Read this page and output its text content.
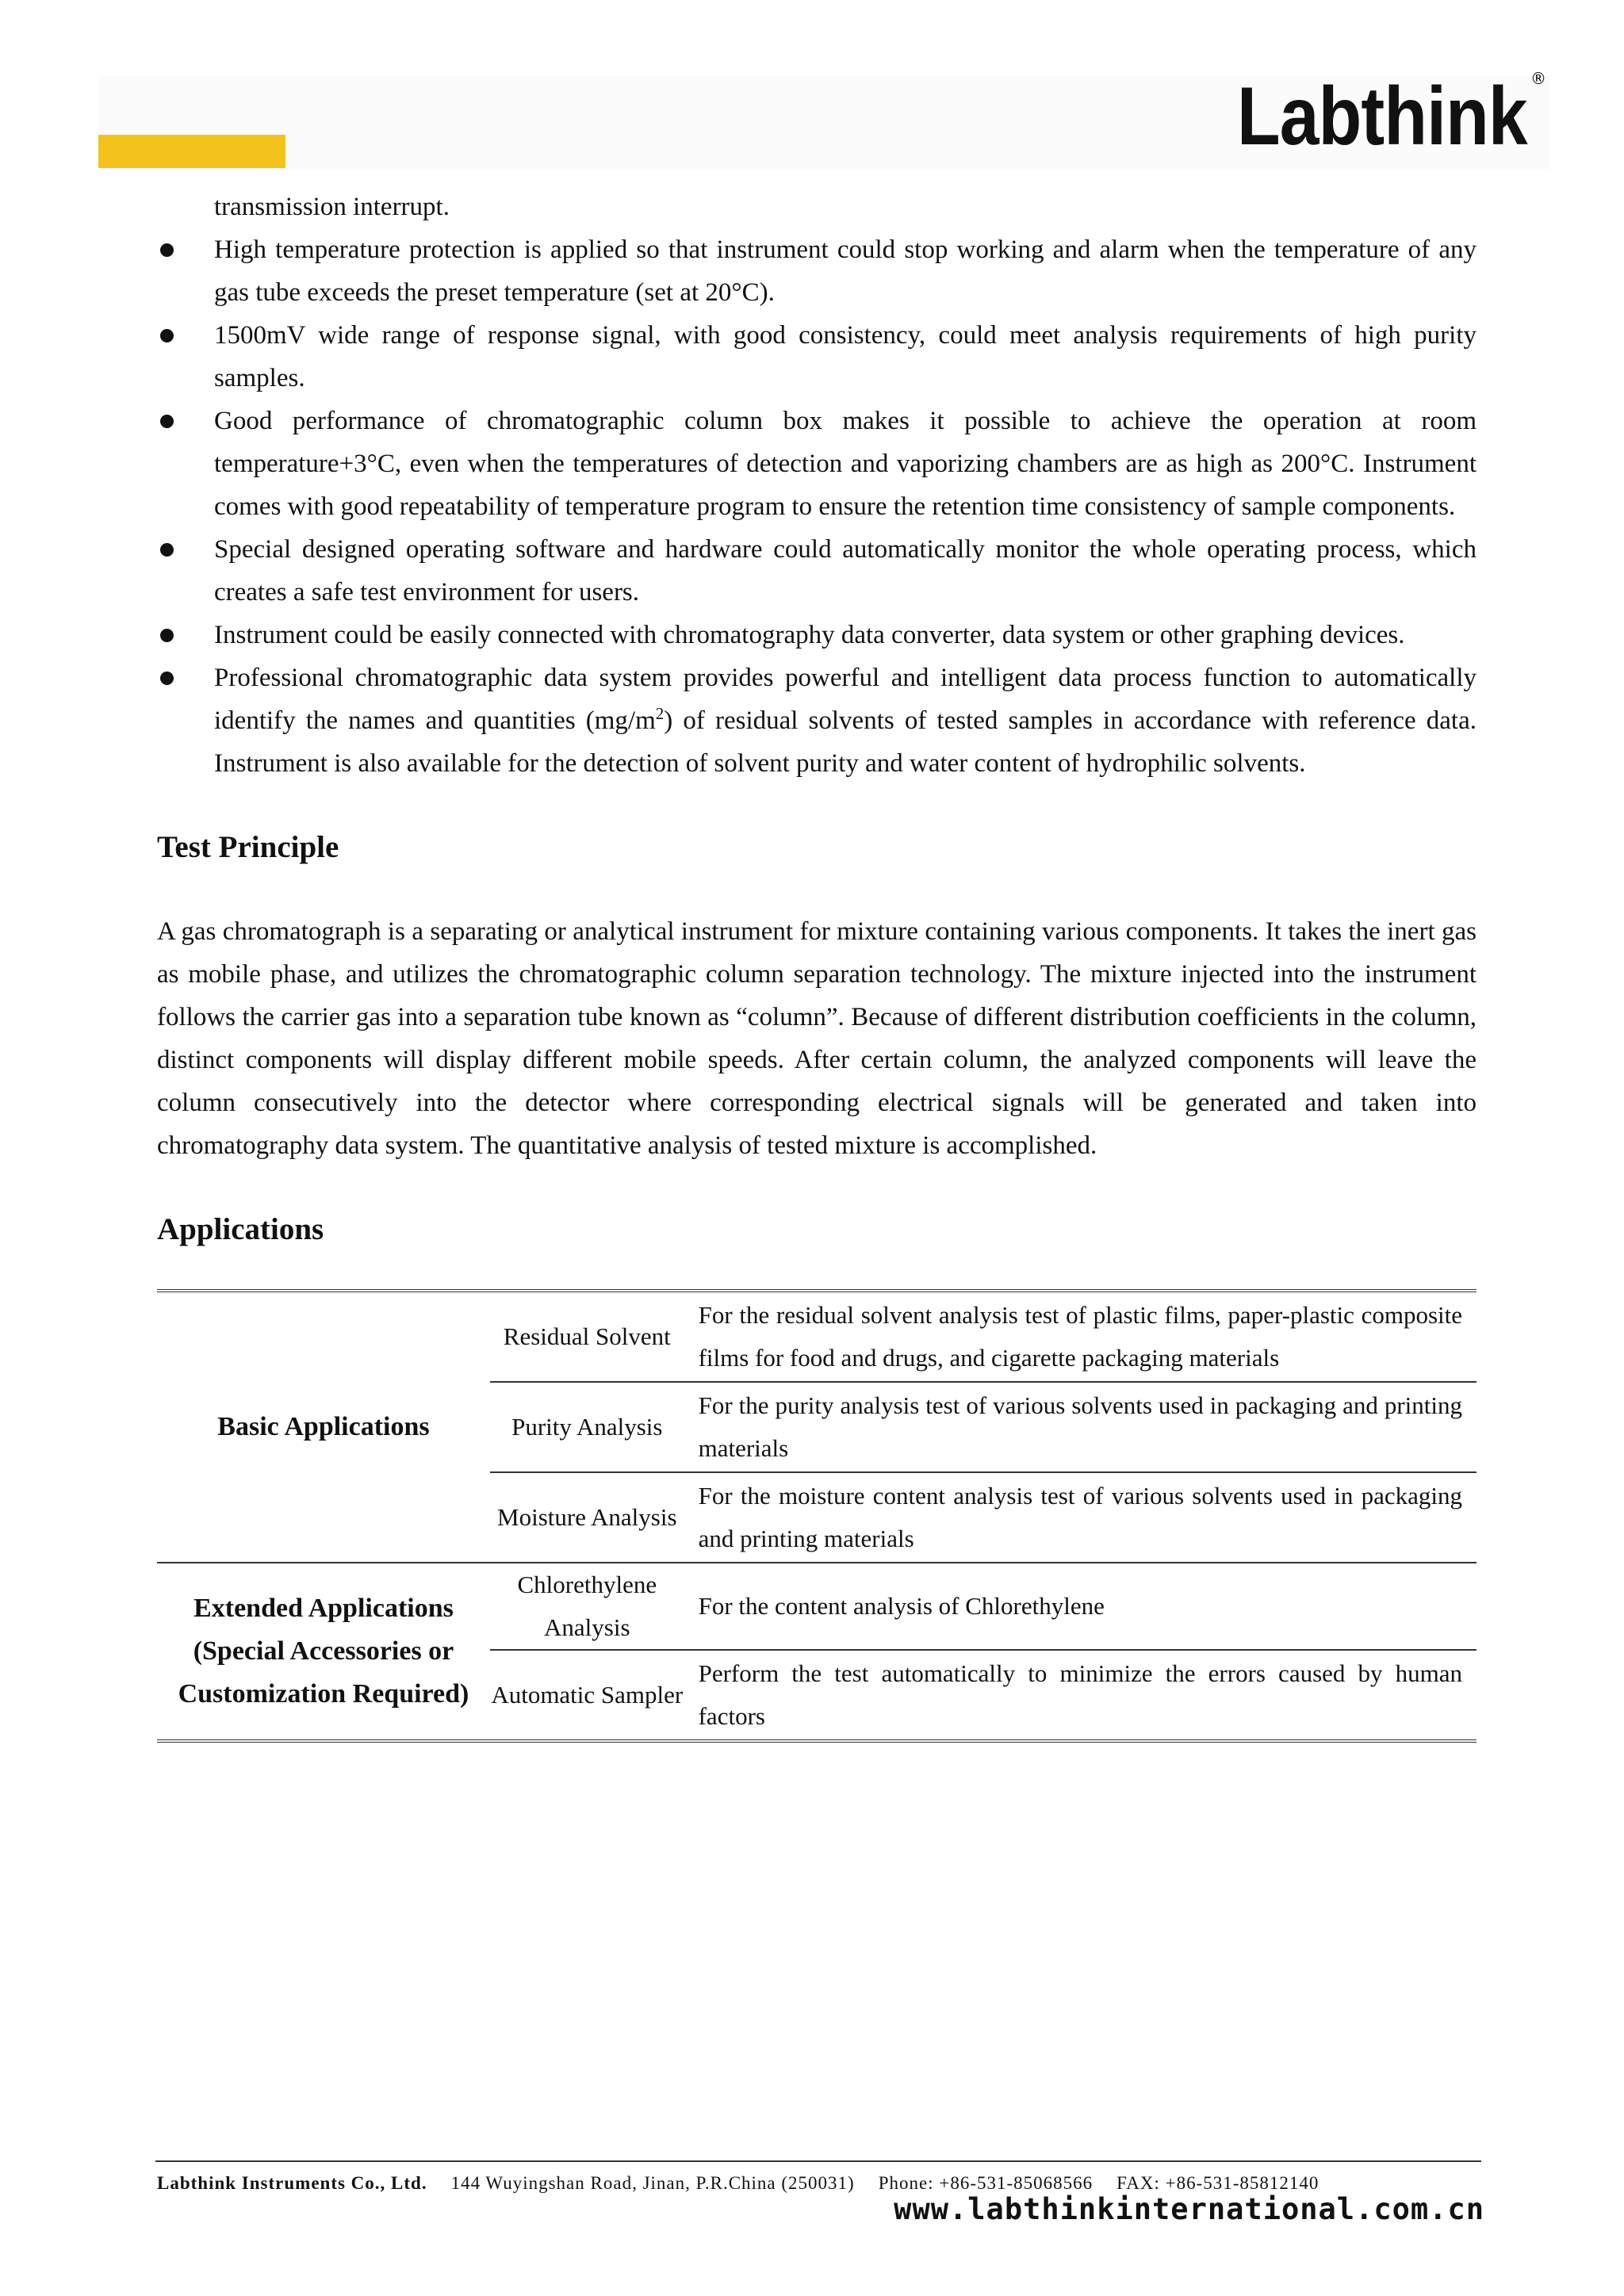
Labthink ®

transmission interrupt.

High temperature protection is applied so that instrument could stop working and alarm when the temperature of any gas tube exceeds the preset temperature (set at 20°C).
1500mV wide range of response signal, with good consistency, could meet analysis requirements of high purity samples.
Good performance of chromatographic column box makes it possible to achieve the operation at room temperature+3°C, even when the temperatures of detection and vaporizing chambers are as high as 200°C. Instrument comes with good repeatability of temperature program to ensure the retention time consistency of sample components.
Special designed operating software and hardware could automatically monitor the whole operating process, which creates a safe test environment for users.
Instrument could be easily connected with chromatography data converter, data system or other graphing devices.
Professional chromatographic data system provides powerful and intelligent data process function to automatically identify the names and quantities $(mg/m^2)$ of residual solvents of tested samples in accordance with reference data. Instrument is also available for the detection of solvent purity and water content of hydrophilic solvents.
Test Principle

A gas chromatograph is a separating or analytical instrument for mixture containing various components. It takes the inert gas as mobile phase, and utilizes the chromatographic column separation technology. The mixture injected into the instrument follows the carrier gas into a separation tube known as “column”. Because of different distribution coefficients in the column, distinct components will display different mobile speeds. After certain column, the analyzed components will leave the column consecutively into the detector where corresponding electrical signals will be generated and taken into chromatography data system. The quantitative analysis of tested mixture is accomplished.

Applications
Basic Applications	Residual Solvent	For the residual solvent analysis test of plastic films, paper-plastic composite films for food and drugs, and cigarette packaging materials
	Purity Analysis	For the purity analysis test of various solvents used in packaging and printing materials
	Moisture Analysis	For the moisture content analysis test of various solvents used in packaging and printing materials
Extended Applications (Special Accessories or Customization Required)	Chlorethylene Analysis	For the content analysis of Chlorethylene
	Automatic Sampler	Perform the test automatically to minimize the errors caused by human factors
Labthink Instruments Co., Ltd. 144 Wuyingshan Road, Jinan, P.R.China (250031) Phone: +86-531-85068566 FAX: +86-531-85812140
www.labthinkinternational.com.cn
